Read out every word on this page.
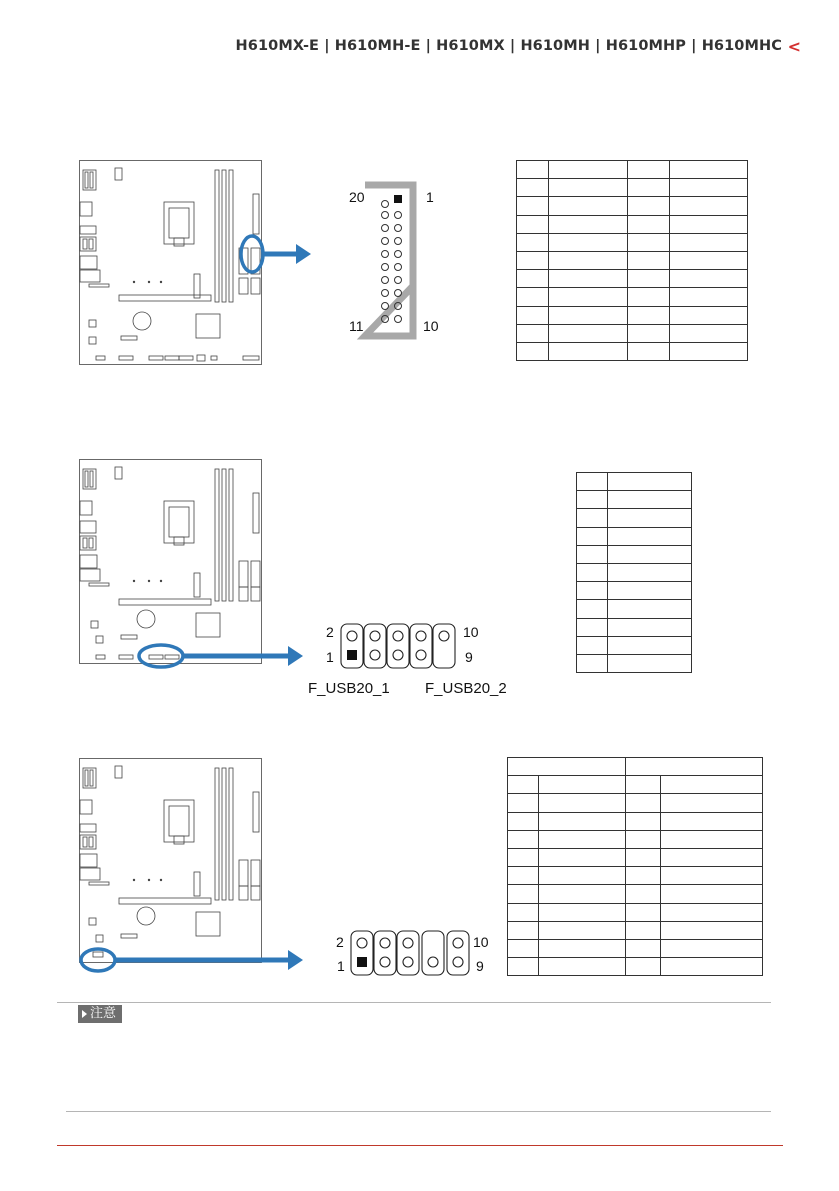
H610MX-E | H610MH-E | H610MX | H610MH | H610MHP | H610MHC <
20	1
11	10

2	10
1	9
F_USB20_1 F_USB20_2

2	10
1	9

注意
